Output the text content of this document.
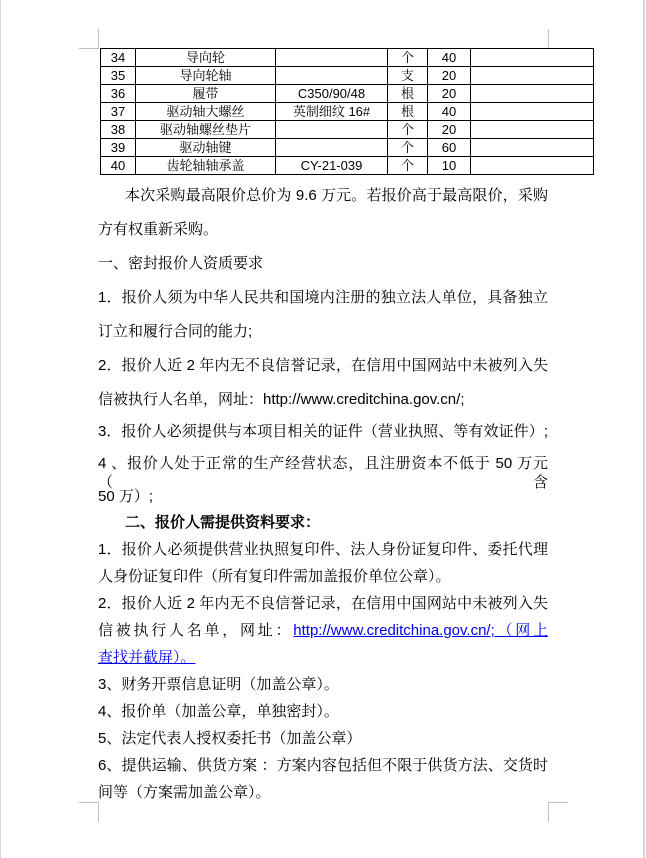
34	导向轮		个	40	
35	导向轮轴		支	20	
36	履带	C350/90/48	根	20	
37	驱动轴大螺丝	英制细纹 16#	根	40	
38	驱动轴螺丝垫片		个	20	
39	驱动轴键		个	60	
40	齿轮轴轴承盖	CY-21-039	个	10	
本次采购最高限价总价为 9.6 万元。若报价高于最高限价，采购
方有权重新采购。
一、密封报价人资质要求
1．报价人须为中华人民共和国境内注册的独立法人单位，具备独立
订立和履行合同的能力;
2．报价人近 2 年内无不良信誉记录，在信用中国网站中未被列入失
信被执行人名单，网址：http://www.creditchina.gov.cn/;
3．报价人必须提供与本项目相关的证件（营业执照、等有效证件）;
4 、报价人处于正常的生产经营状态，且注册资本不低于 50 万元（含
50 万）;
二、报价人需提供资料要求：
1．报价人必须提供营业执照复印件、法人身份证复印件、委托代理
人身份证复印件（所有复印件需加盖报价单位公章）。
2．报价人近 2 年内无不良信誉记录，在信用中国网站中未被列入失
信被执行人名单，网址：http://www.creditchina.gov.cn/;（网上
查找并截屏）。
3、财务开票信息证明（加盖公章）。
4、报价单（加盖公章，单独密封）。
5、法定代表人授权委托书（加盖公章）
6、提供运输、供货方案 ：方案内容包括但不限于供货方法、交货时
间等（方案需加盖公章）。
